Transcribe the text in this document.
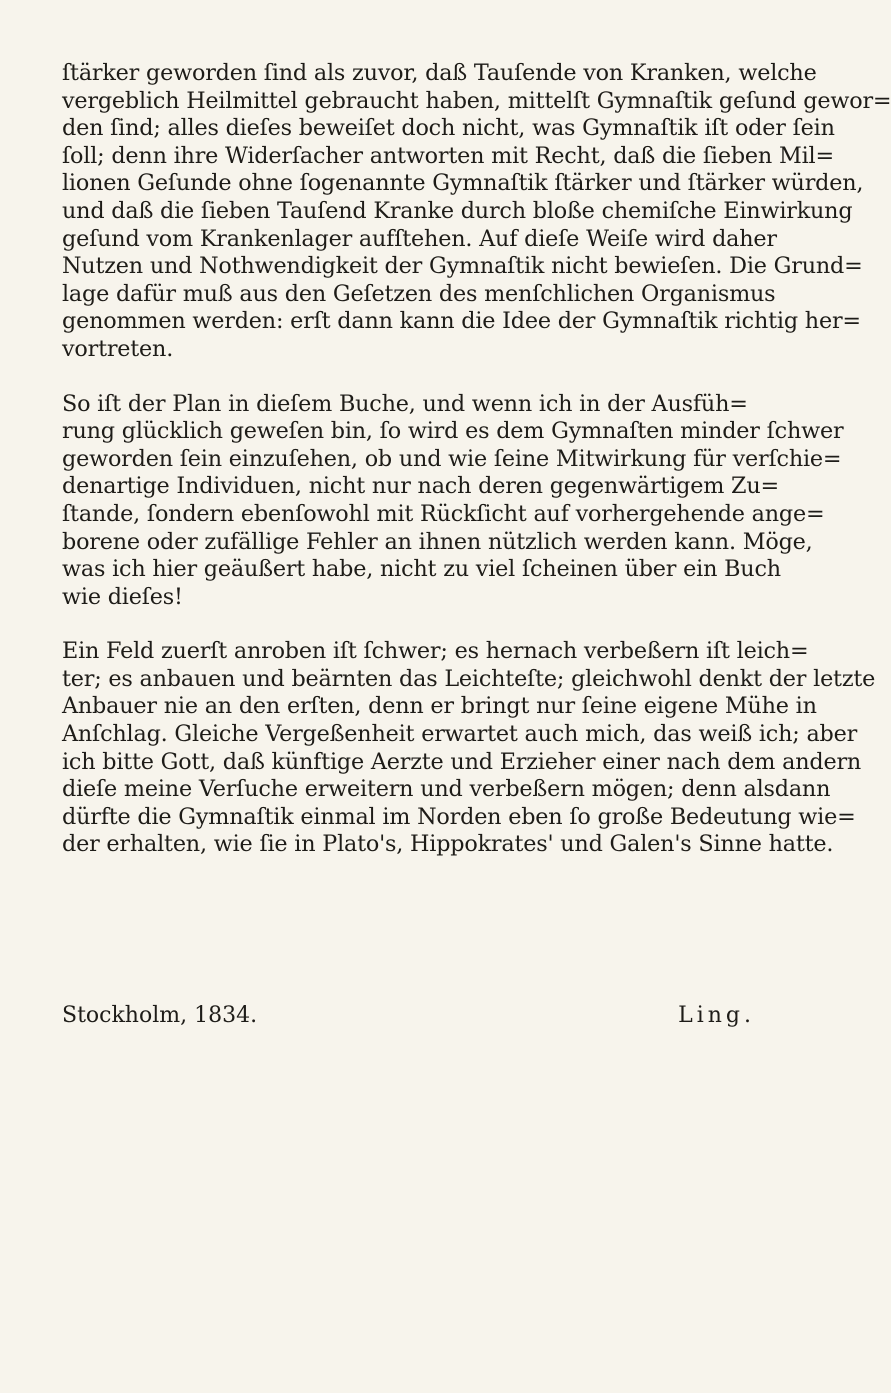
ſtärker geworden ſind als zuvor, daß Tauſende von Kranken, welche
vergeblich Heilmittel gebraucht haben, mittelſt Gymnaſtik geſund gewor=
den ſind; alles dieſes beweiſet doch nicht, was Gymnaſtik iſt oder ſein
ſoll; denn ihre Widerſacher antworten mit Recht, daß die ſieben Mil=
lionen Geſunde ohne ſogenannte Gymnaſtik ſtärker und ſtärker würden,
und daß die ſieben Tauſend Kranke durch bloße chemiſche Einwirkung
geſund vom Krankenlager aufſtehen. Auf dieſe Weiſe wird daher
Nutzen und Nothwendigkeit der Gymnaſtik nicht bewieſen. Die Grund=
lage dafür muß aus den Geſetzen des menſchlichen Organismus
genommen werden: erſt dann kann die Idee der Gymnaſtik richtig her=
vortreten.

So iſt der Plan in dieſem Buche, und wenn ich in der Ausfüh=
rung glücklich geweſen bin, ſo wird es dem Gymnaſten minder ſchwer
geworden ſein einzuſehen, ob und wie ſeine Mitwirkung für verſchie=
denartige Individuen, nicht nur nach deren gegenwärtigem Zu=
ſtande, ſondern ebenſowohl mit Rückſicht auf vorhergehende ange=
borene oder zufällige Fehler an ihnen nützlich werden kann. Möge,
was ich hier geäußert habe, nicht zu viel ſcheinen über ein Buch
wie dieſes!

Ein Feld zuerſt anroben iſt ſchwer; es hernach verbeßern iſt leich=
ter; es anbauen und beärnten das Leichteſte; gleichwohl denkt der letzte
Anbauer nie an den erſten, denn er bringt nur ſeine eigene Mühe in
Anſchlag. Gleiche Vergeßenheit erwartet auch mich, das weiß ich; aber
ich bitte Gott, daß künftige Aerzte und Erzieher einer nach dem andern
dieſe meine Verſuche erweitern und verbeßern mögen; denn alsdann
dürfte die Gymnaſtik einmal im Norden eben ſo große Bedeutung wie=
der erhalten, wie ſie in Plato's, Hippokrates' und Galen's Sinne hatte.

Stockholm, 1834.	Ling.
